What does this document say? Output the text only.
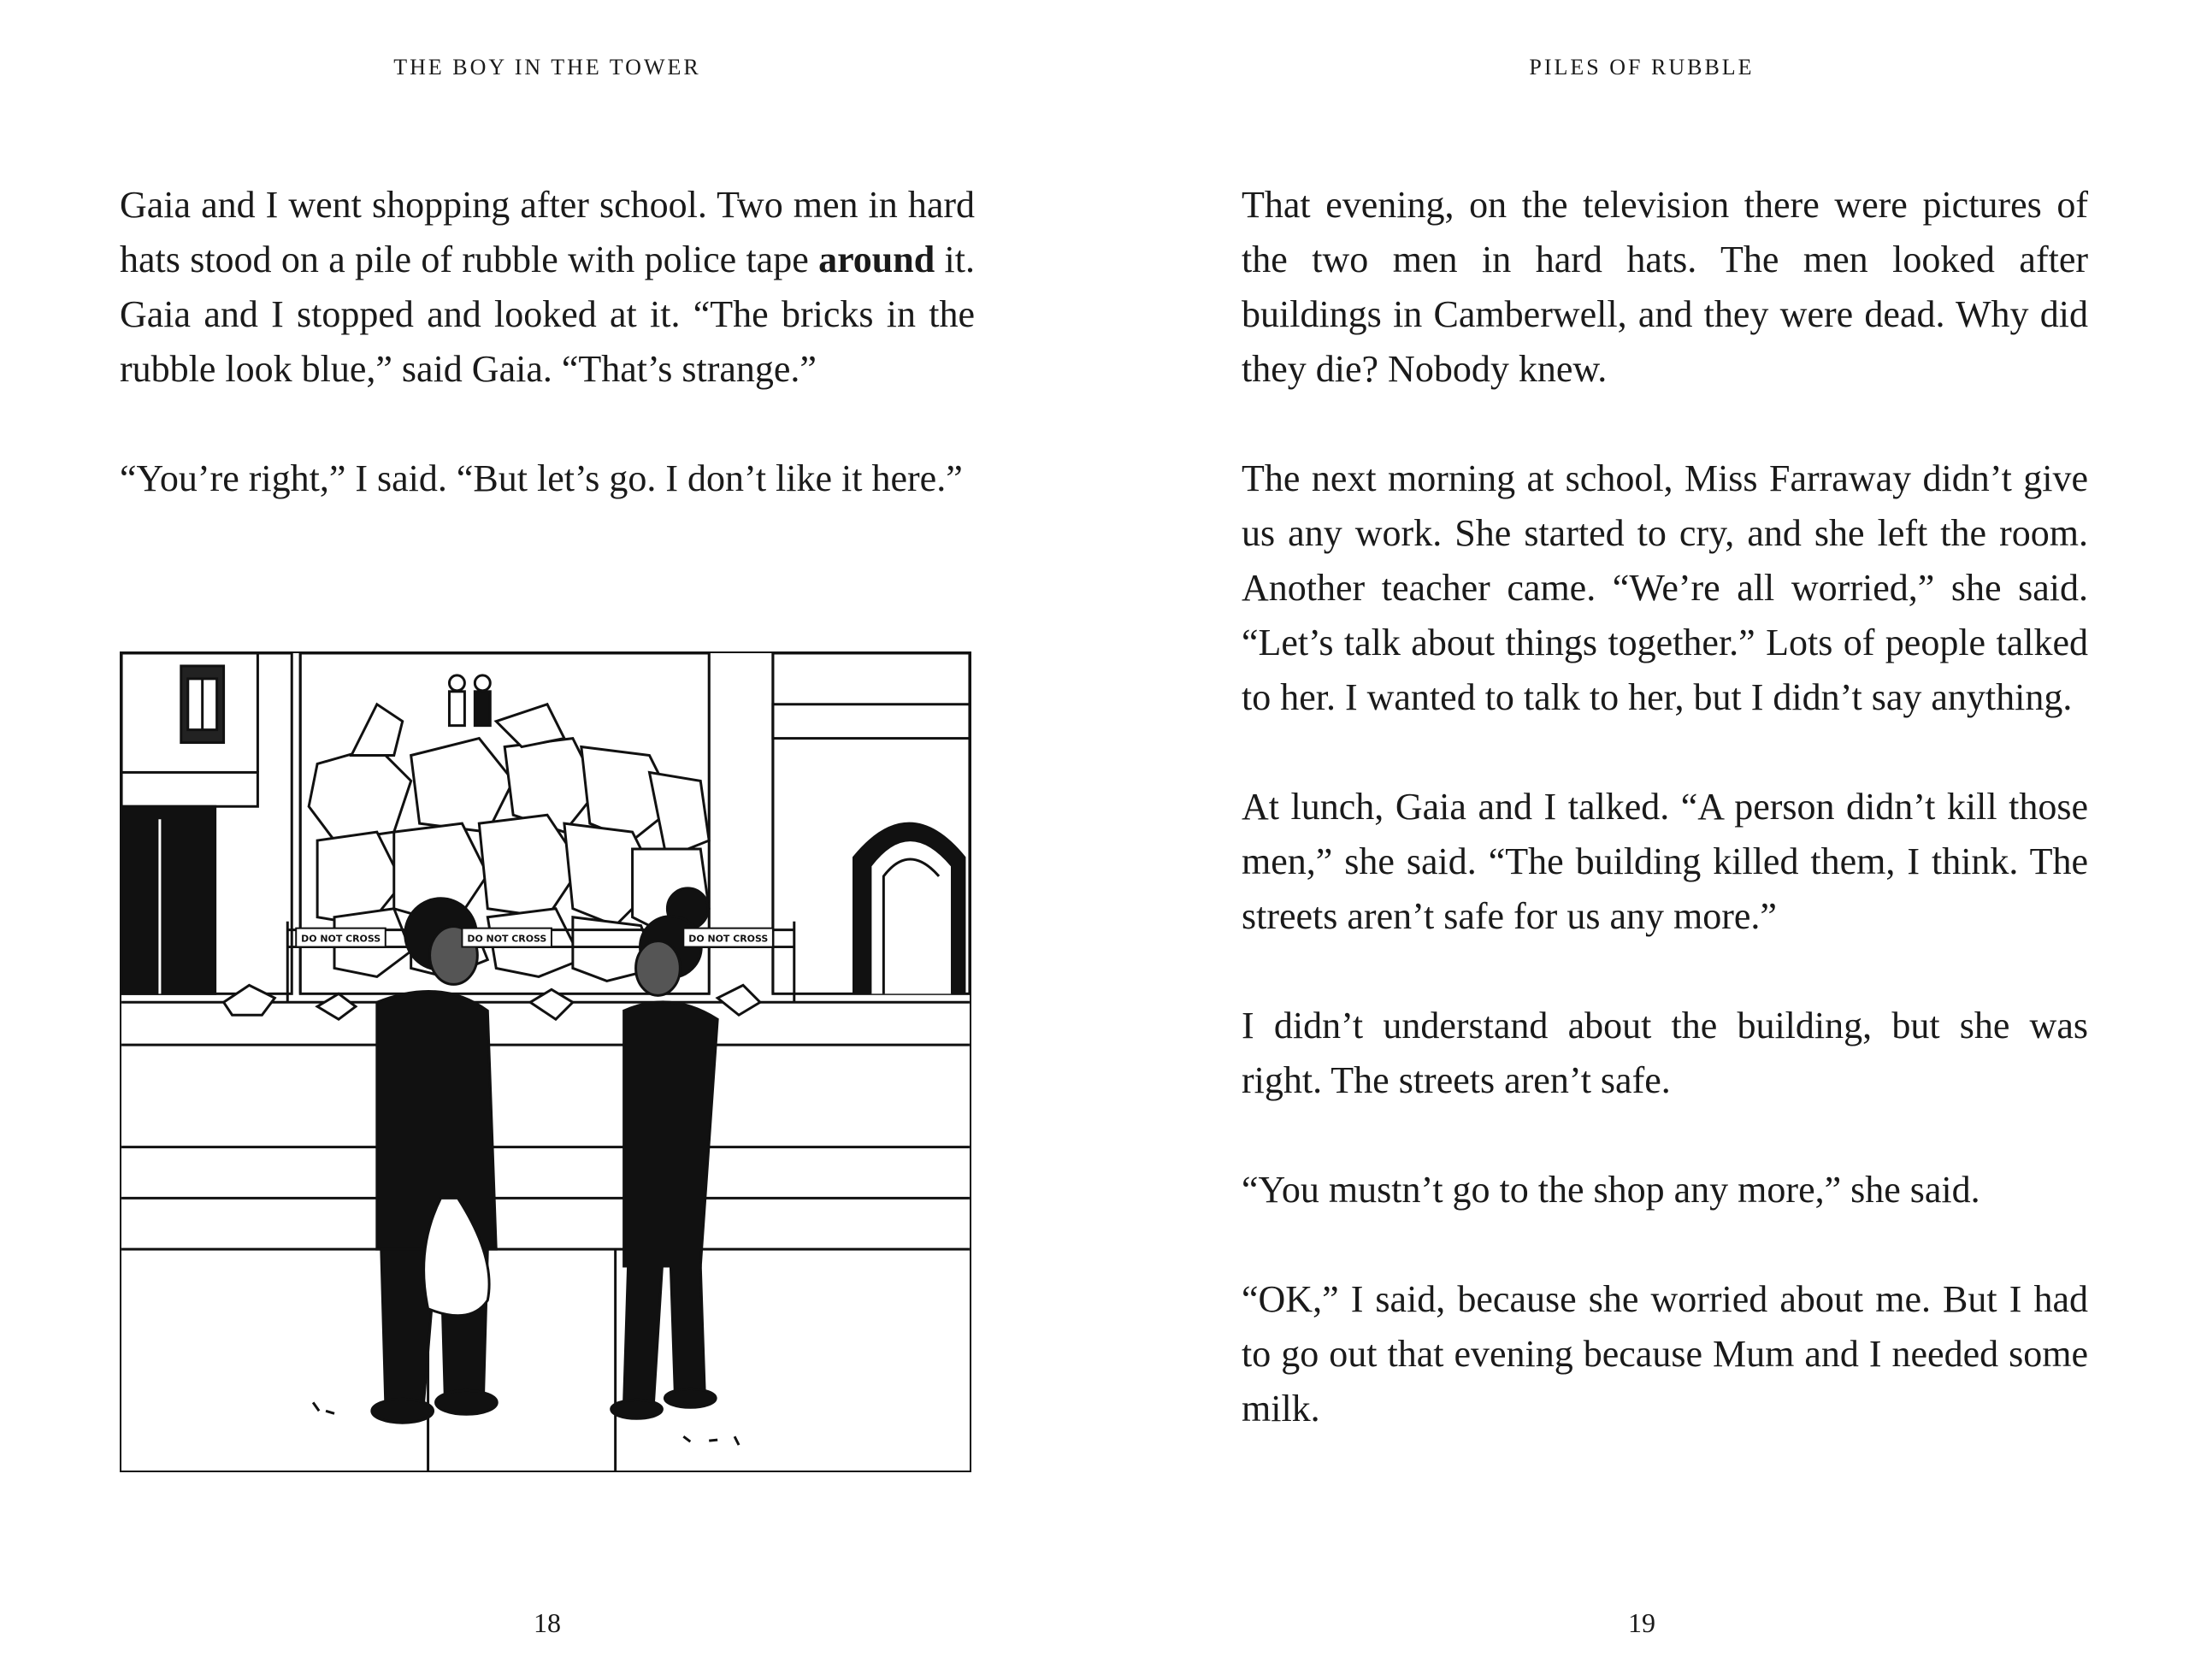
THE BOY IN THE TOWER

Gaia and I went shopping after school. Two men in hard hats stood on a pile of rubble with police tape around it. Gaia and I stopped and looked at it. “The bricks in the rubble look blue,” said Gaia. “That’s strange.”

“You’re right,” I said. “But let’s go. I don’t like it here.”

DO NOT CROSS	DO NOT CROSS	DO NOT CROSS
18
PILES OF RUBBLE

That evening, on the television there were pictures of the two men in hard hats. The men looked after buildings in Camberwell, and they were dead. Why did they die? Nobody knew.

The next morning at school, Miss Farraway didn’t give us any work. She started to cry, and she left the room. Another teacher came. “We’re all worried,” she said. “Let’s talk about things together.” Lots of people talked to her. I wanted to talk to her, but I didn’t say anything.

At lunch, Gaia and I talked. “A person didn’t kill those men,” she said. “The building killed them, I think. The streets aren’t safe for us any more.”

I didn’t understand about the building, but she was right. The streets aren’t safe.

“You mustn’t go to the shop any more,” she said.

“OK,” I said, because she worried about me. But I had to go out that evening because Mum and I needed some milk.

19
